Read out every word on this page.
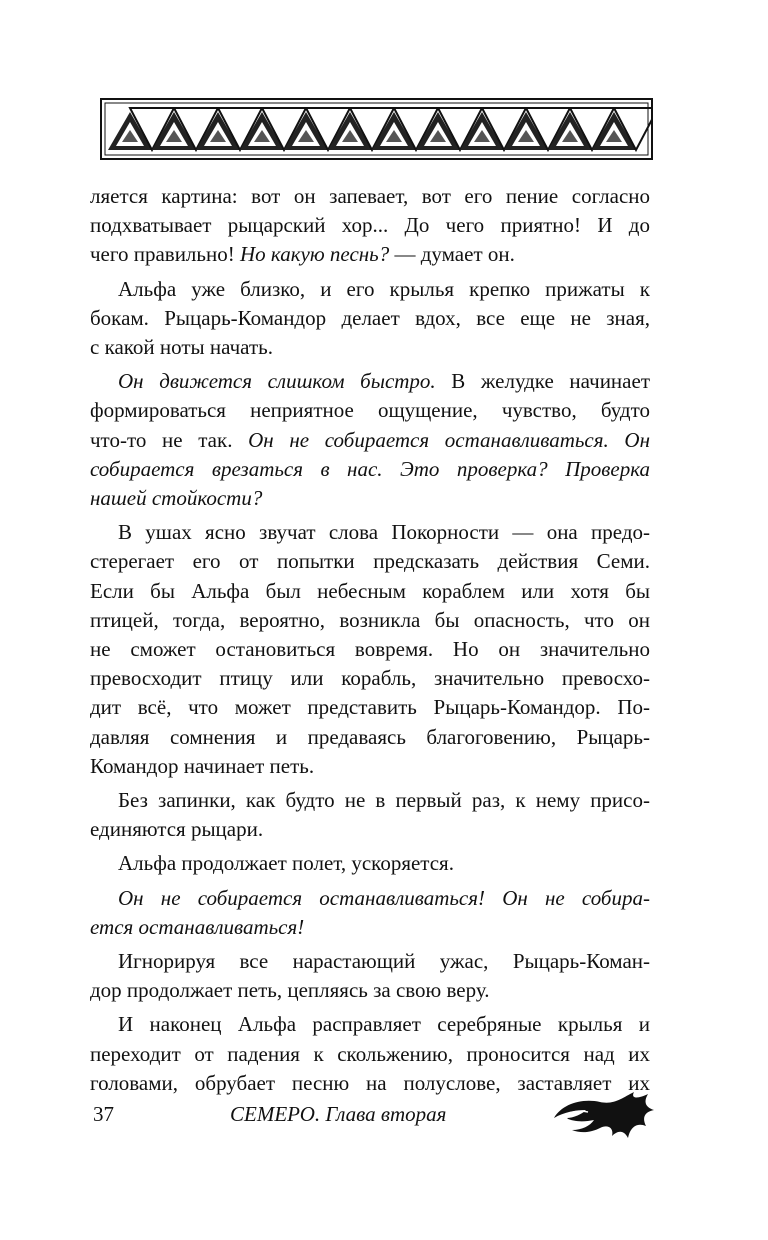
ляется картина: вот он запевает, вот его пение согласно
подхватывает рыцарский хор... До чего приятно! И до
чего правильно! Но какую песнь? — думает он.
Альфа уже близко, и его крылья крепко прижаты к
бокам. Рыцарь-Командор делает вдох, все еще не зная,
с какой ноты начать.
Он движется слишком быстро. В желудке начинает
формироваться неприятное ощущение, чувство, будто
что-то не так. Он не собирается останавливаться. Он
собирается врезаться в нас. Это проверка? Проверка
нашей стойкости?
В ушах ясно звучат слова Покорности — она предо-
стерегает его от попытки предсказать действия Семи.
Если бы Альфа был небесным кораблем или хотя бы
птицей, тогда, вероятно, возникла бы опасность, что он
не сможет остановиться вовремя. Но он значительно
превосходит птицу или корабль, значительно превосхо-
дит всё, что может представить Рыцарь-Командор. По-
давляя сомнения и предаваясь благоговению, Рыцарь-
Командор начинает петь.
Без запинки, как будто не в первый раз, к нему присо-
единяются рыцари.
Альфа продолжает полет, ускоряется.
Он не собирается останавливаться! Он не собира-
ется останавливаться!
Игнорируя все нарастающий ужас, Рыцарь-Коман-
дор продолжает петь, цепляясь за свою веру.
И наконец Альфа расправляет серебряные крылья и
переходит от падения к скольжению, проносится над их
головами, обрубает песню на полуслове, заставляет их
37	СЕМЕРО. Глава вторая
